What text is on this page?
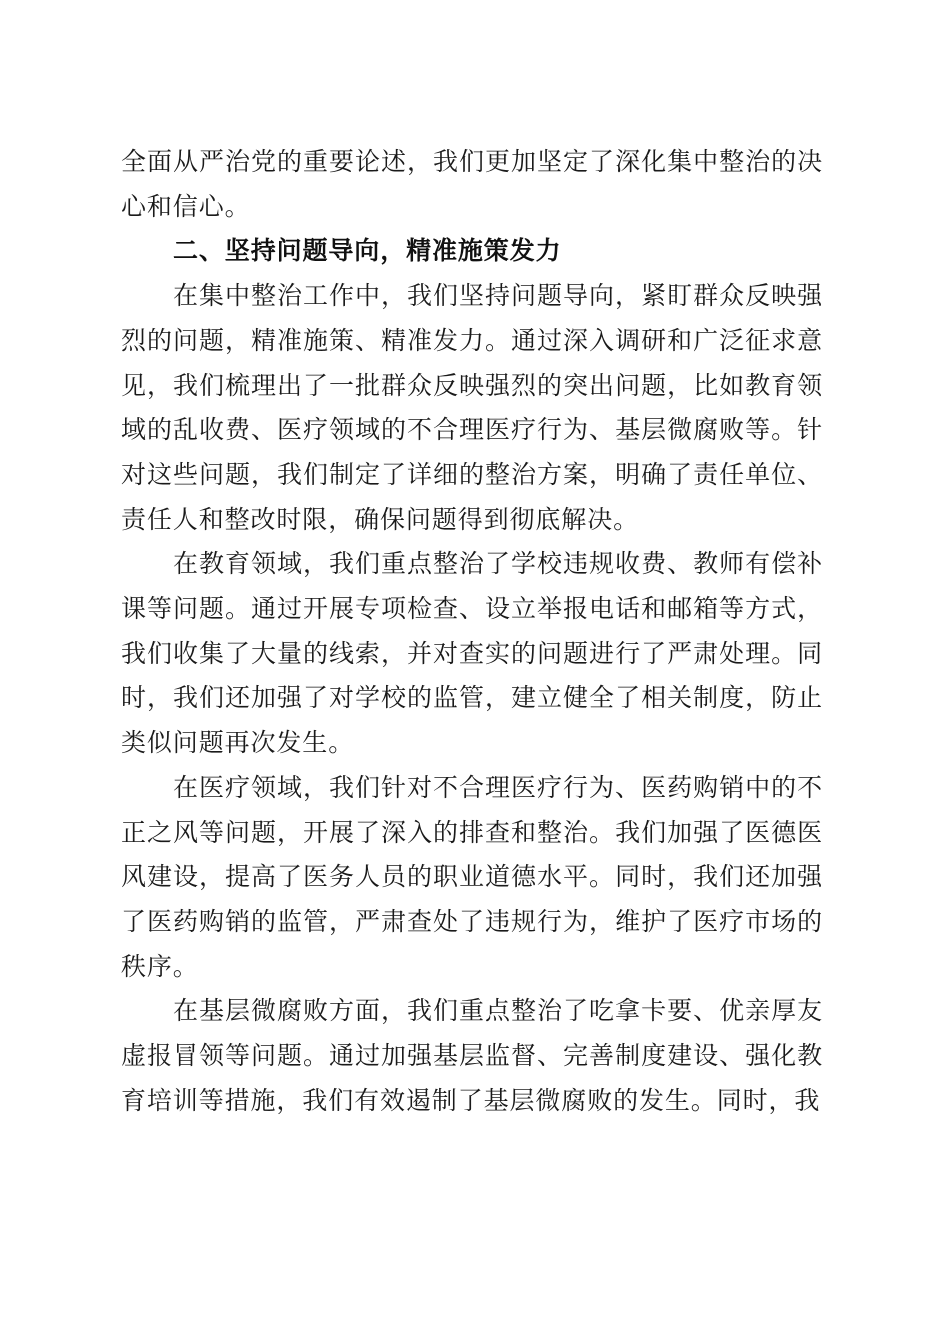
全面从严治党的重要论述，我们更加坚定了深化集中整治的决心和信心。

二、坚持问题导向，精准施策发力

在集中整治工作中，我们坚持问题导向，紧盯群众反映强烈的问题，精准施策、精准发力。通过深入调研和广泛征求意见，我们梳理出了一批群众反映强烈的突出问题，比如教育领域的乱收费、医疗领域的不合理医疗行为、基层微腐败等。针对这些问题，我们制定了详细的整治方案，明确了责任单位、责任人和整改时限，确保问题得到彻底解决。

在教育领域，我们重点整治了学校违规收费、教师有偿补课等问题。通过开展专项检查、设立举报电话和邮箱等方式，我们收集了大量的线索，并对查实的问题进行了严肃处理。同时，我们还加强了对学校的监管，建立健全了相关制度，防止类似问题再次发生。

在医疗领域，我们针对不合理医疗行为、医药购销中的不正之风等问题，开展了深入的排查和整治。我们加强了医德医风建设，提高了医务人员的职业道德水平。同时，我们还加强了医药购销的监管，严肃查处了违规行为，维护了医疗市场的秩序。

在基层微腐败方面，我们重点整治了吃拿卡要、优亲厚友虚报冒领等问题。通过加强基层监督、完善制度建设、强化教育培训等措施，我们有效遏制了基层微腐败的发生。同时，我
